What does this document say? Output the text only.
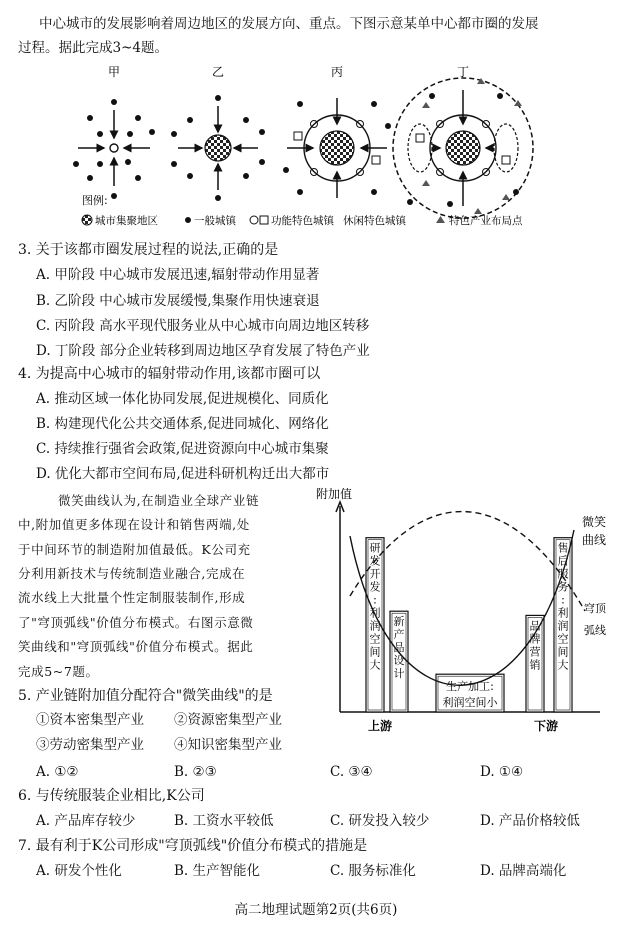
中心城市的发展影响着周边地区的发展方向、重点。下图示意某单中心都市圈的发展
过程。据此完成3~4题。
甲	乙	丙	丁
图例:
城市集聚地区	一般城镇	功能特色城镇 休闲特色城镇	特色产业布局点
3. 关于该都市圈发展过程的说法,正确的是
A. 甲阶段 中心城市发展迅速,辐射带动作用显著
B. 乙阶段 中心城市发展缓慢,集聚作用快速衰退
C. 丙阶段 高水平现代服务业从中心城市向周边地区转移
D. 丁阶段 部分企业转移到周边地区孕育发展了特色产业
4. 为提高中心城市的辐射带动作用,该都市圈可以
A. 推动区域一体化协同发展,促进规模化、同质化
B. 构建现代化公共交通体系,促进同城化、网络化
C. 持续推行强省会政策,促进资源向中心城市集聚
D. 优化大都市空间布局,促进科研机构迁出大都市
微笑曲线认为,在制造业全球产业链
中,附加值更多体现在设计和销售两端,处
于中间环节的制造附加值最低。K公司充
分利用新技术与传统制造业融合,完成在
流水线上大批量个性定制服装制作,形成
了"穹顶弧线"价值分布模式。右图示意微
笑曲线和"穹顶弧线"价值分布模式。据此
完成5~7题。
附加值
上游	下游
研发开发:利润空间大
新产品设计
生产加工:利润空间小
品牌营销
售后服务:利润空间大
微笑
曲线
穹顶
弧线
5. 产业链附加值分配符合"微笑曲线"的是
①资本密集型产业 ②资源密集型产业
③劳动密集型产业 ④知识密集型产业
A. ①②	B. ②③	C. ③④	D. ①④
6. 与传统服装企业相比,K公司
A. 产品库存较少	B. 工资水平较低	C. 研发投入较少	D. 产品价格较低
7. 最有利于K公司形成"穹顶弧线"价值分布模式的措施是
A. 研发个性化	B. 生产智能化	C. 服务标准化	D. 品牌高端化
高二地理试题第2页(共6页)
